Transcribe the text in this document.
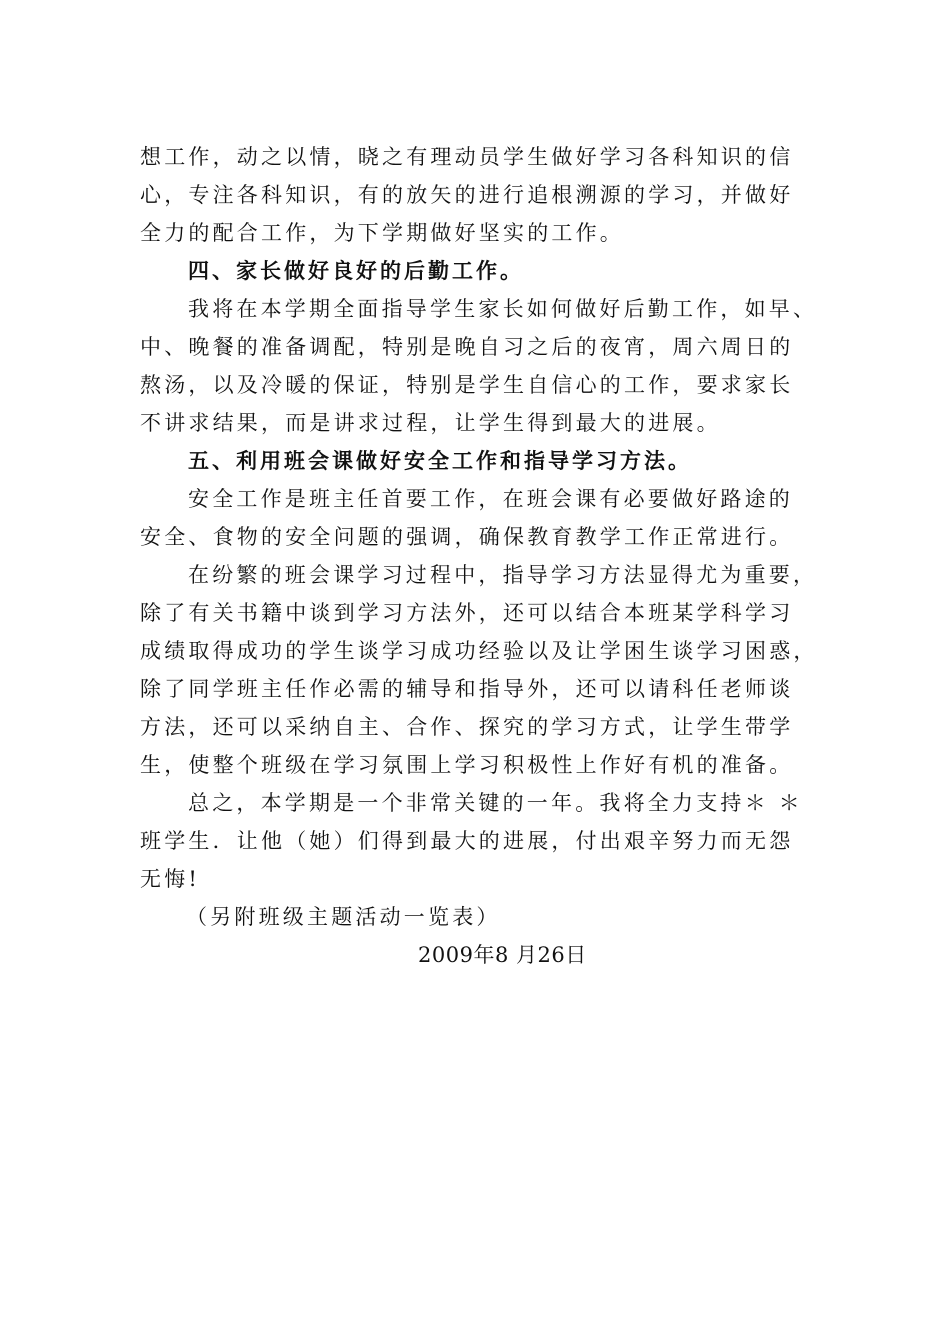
想工作，动之以情，晓之有理动员学生做好学习各科知识的信
心，专注各科知识，有的放矢的进行追根溯源的学习，并做好
全力的配合工作，为下学期做好坚实的工作。
四、家长做好良好的后勤工作。
我将在本学期全面指导学生家长如何做好后勤工作，如早、
中、晚餐的准备调配，特别是晚自习之后的夜宵，周六周日的
熬汤，以及冷暖的保证，特别是学生自信心的工作，要求家长
不讲求结果，而是讲求过程，让学生得到最大的进展。
五、利用班会课做好安全工作和指导学习方法。
安全工作是班主任首要工作，在班会课有必要做好路途的
安全、食物的安全问题的强调，确保教育教学工作正常进行。
在纷繁的班会课学习过程中，指导学习方法显得尤为重要，
除了有关书籍中谈到学习方法外，还可以结合本班某学科学习
成绩取得成功的学生谈学习成功经验以及让学困生谈学习困惑，
除了同学班主任作必需的辅导和指导外，还可以请科任老师谈
方法，还可以采纳自主、合作、探究的学习方式，让学生带学
生，使整个班级在学习氛围上学习积极性上作好有机的准备。
总之，本学期是一个非常关键的一年。我将全力支持＊ ＊
班学生．让他（她）们得到最大的进展，付出艰辛努力而无怨
无悔!
（另附班级主题活动一览表）
2009年8 月26日
